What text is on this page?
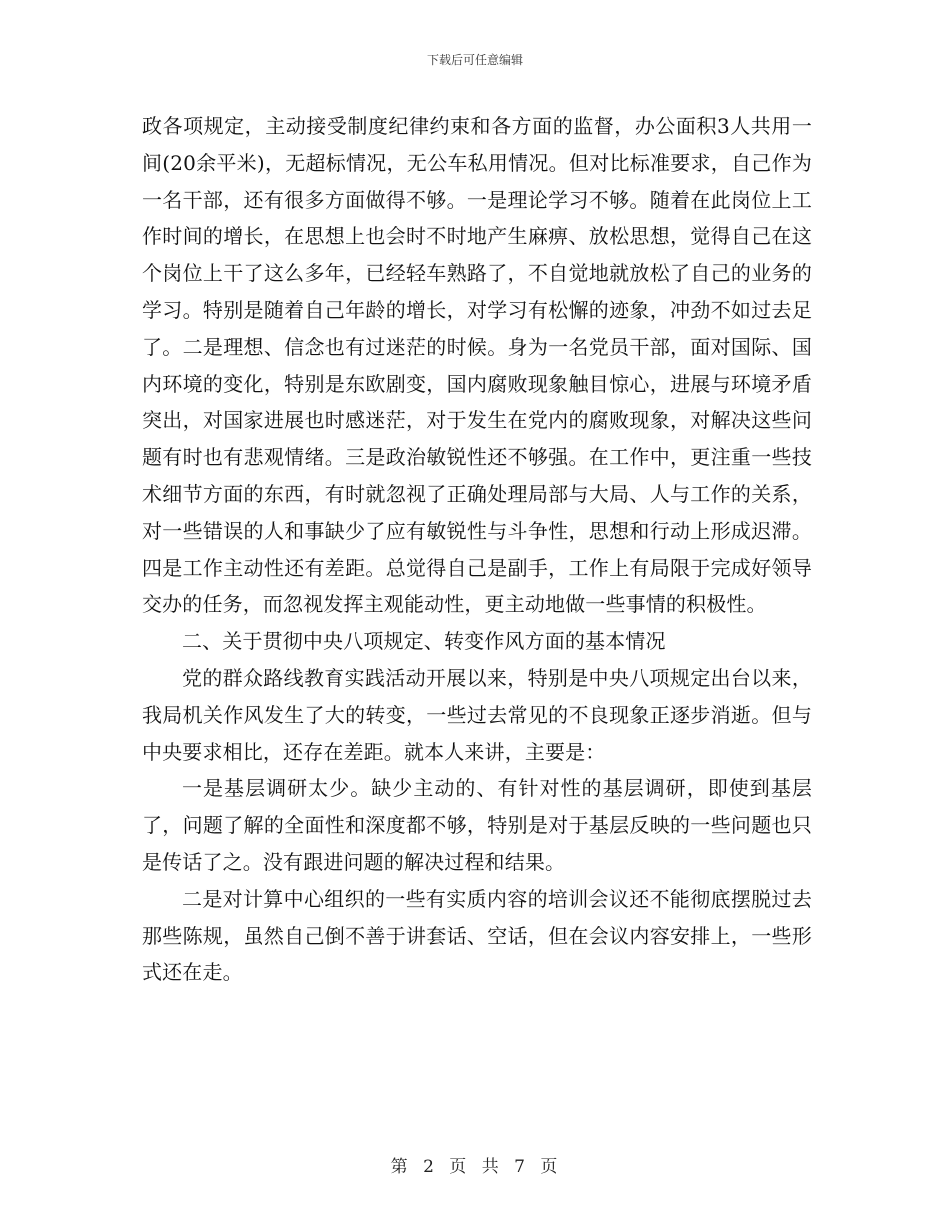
下载后可任意编辑

政各项规定，主动接受制度纪律约束和各方面的监督，办公面积3人共用一间(20余平米)，无超标情况，无公车私用情况。但对比标准要求，自己作为一名干部，还有很多方面做得不够。一是理论学习不够。随着在此岗位上工作时间的增长，在思想上也会时不时地产生麻痹、放松思想，觉得自己在这个岗位上干了这么多年，已经轻车熟路了，不自觉地就放松了自己的业务的学习。特别是随着自己年龄的增长，对学习有松懈的迹象，冲劲不如过去足了。二是理想、信念也有过迷茫的时候。身为一名党员干部，面对国际、国内环境的变化，特别是东欧剧变，国内腐败现象触目惊心，进展与环境矛盾突出，对国家进展也时感迷茫，对于发生在党内的腐败现象，对解决这些问题有时也有悲观情绪。三是政治敏锐性还不够强。在工作中，更注重一些技术细节方面的东西，有时就忽视了正确处理局部与大局、人与工作的关系，对一些错误的人和事缺少了应有敏锐性与斗争性，思想和行动上形成迟滞。四是工作主动性还有差距。总觉得自己是副手，工作上有局限于完成好领导交办的任务，而忽视发挥主观能动性，更主动地做一些事情的积极性。

二、关于贯彻中央八项规定、转变作风方面的基本情况

党的群众路线教育实践活动开展以来，特别是中央八项规定出台以来，我局机关作风发生了大的转变，一些过去常见的不良现象正逐步消逝。但与中央要求相比，还存在差距。就本人来讲，主要是：

一是基层调研太少。缺少主动的、有针对性的基层调研，即使到基层了，问题了解的全面性和深度都不够，特别是对于基层反映的一些问题也只是传话了之。没有跟进问题的解决过程和结果。

二是对计算中心组织的一些有实质内容的培训会议还不能彻底摆脱过去那些陈规，虽然自己倒不善于讲套话、空话，但在会议内容安排上，一些形式还在走。

第 2 页 共 7 页
